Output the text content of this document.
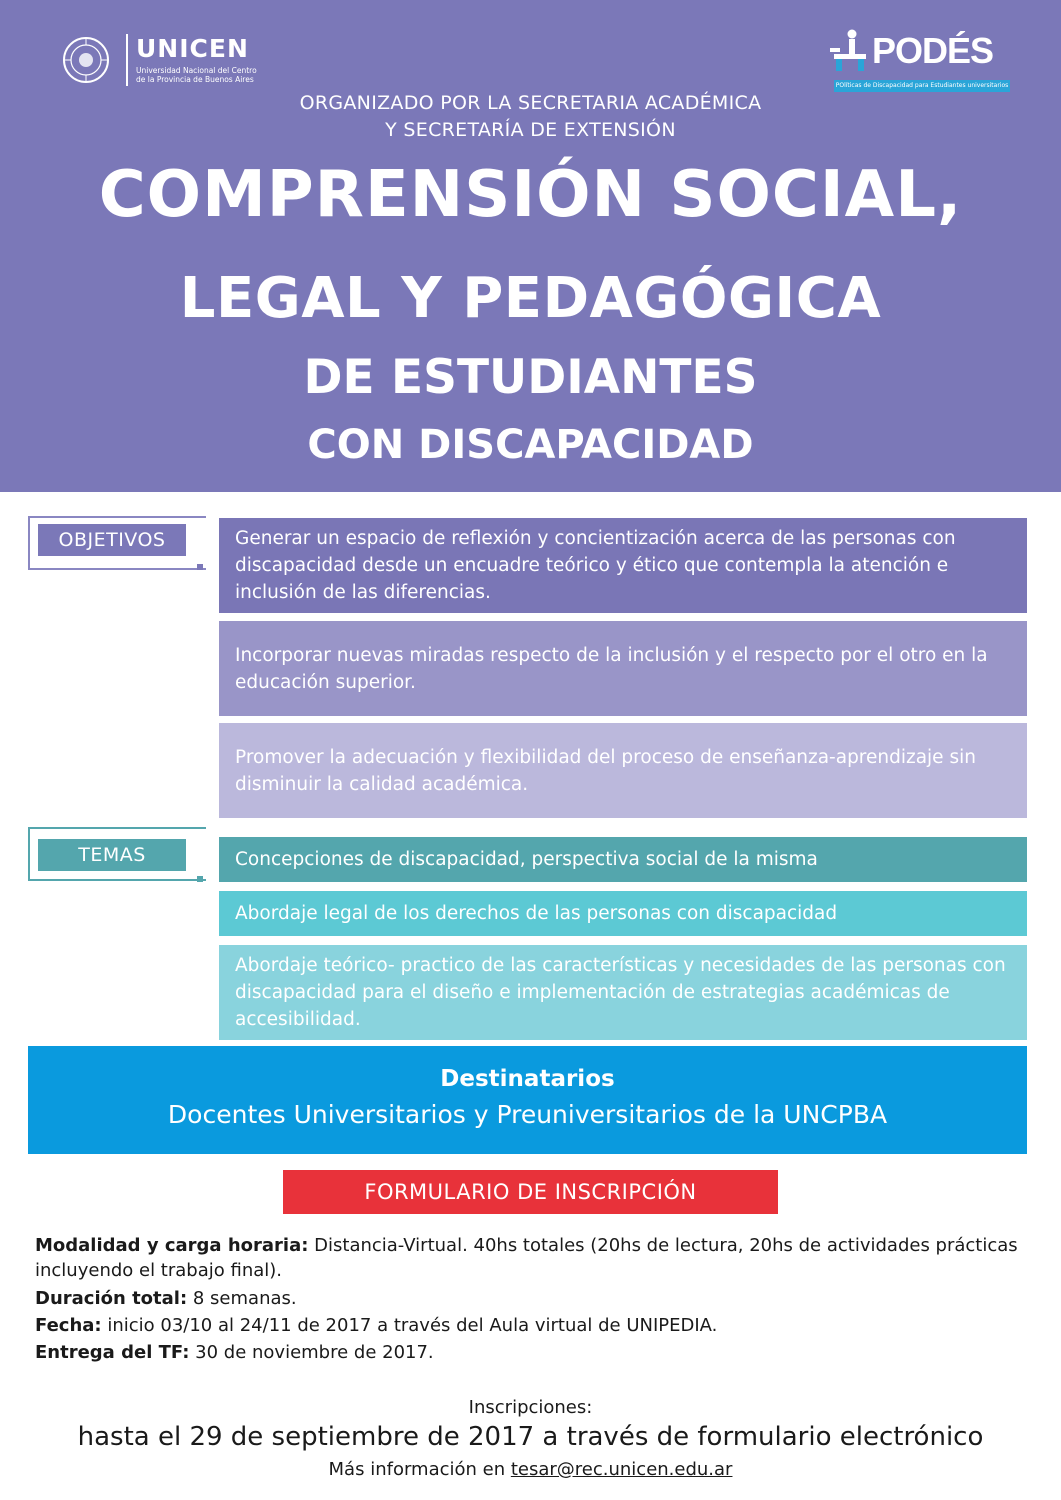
UNICEN
Universidad Nacional del Centro
de la Provincia de Buenos Aires
PODÉS
POlíticas de Discapacidad para Estudiantes universitarios
ORGANIZADO POR LA SECRETARIA ACADÉMICA
Y SECRETARÍA DE EXTENSIÓN
COMPRENSIÓN SOCIAL,
LEGAL Y PEDAGÓGICA
DE ESTUDIANTES
CON DISCAPACIDAD
OBJETIVOS	Generar un espacio de reflexión y concientización acerca de las personas con discapacidad desde un encuadre teórico y ético que contempla la atención e inclusión de las diferencias.
Incorporar nuevas miradas respecto de la inclusión y el respecto por el otro en la educación superior.
Promover la adecuación y flexibilidad del proceso de enseñanza-aprendizaje sin disminuir la calidad académica.
TEMAS	Concepciones de discapacidad, perspectiva social de la misma
Abordaje legal de los derechos de las personas con discapacidad
Abordaje teórico- practico de las características y necesidades de las personas con discapacidad para el diseño e implementación de estrategias académicas de accesibilidad.
Destinatarios
Docentes Universitarios y Preuniversitarios de la UNCPBA
FORMULARIO DE INSCRIPCIÓN
Modalidad y carga horaria: Distancia-Virtual. 40hs totales (20hs de lectura, 20hs de actividades prácticas incluyendo el trabajo final).
Duración total: 8 semanas.
Fecha: inicio 03/10 al 24/11 de 2017 a través del Aula virtual de UNIPEDIA.
Entrega del TF: 30 de noviembre de 2017.
Inscripciones:
hasta el 29 de septiembre de 2017 a través de formulario electrónico
Más información en tesar@rec.unicen.edu.ar
